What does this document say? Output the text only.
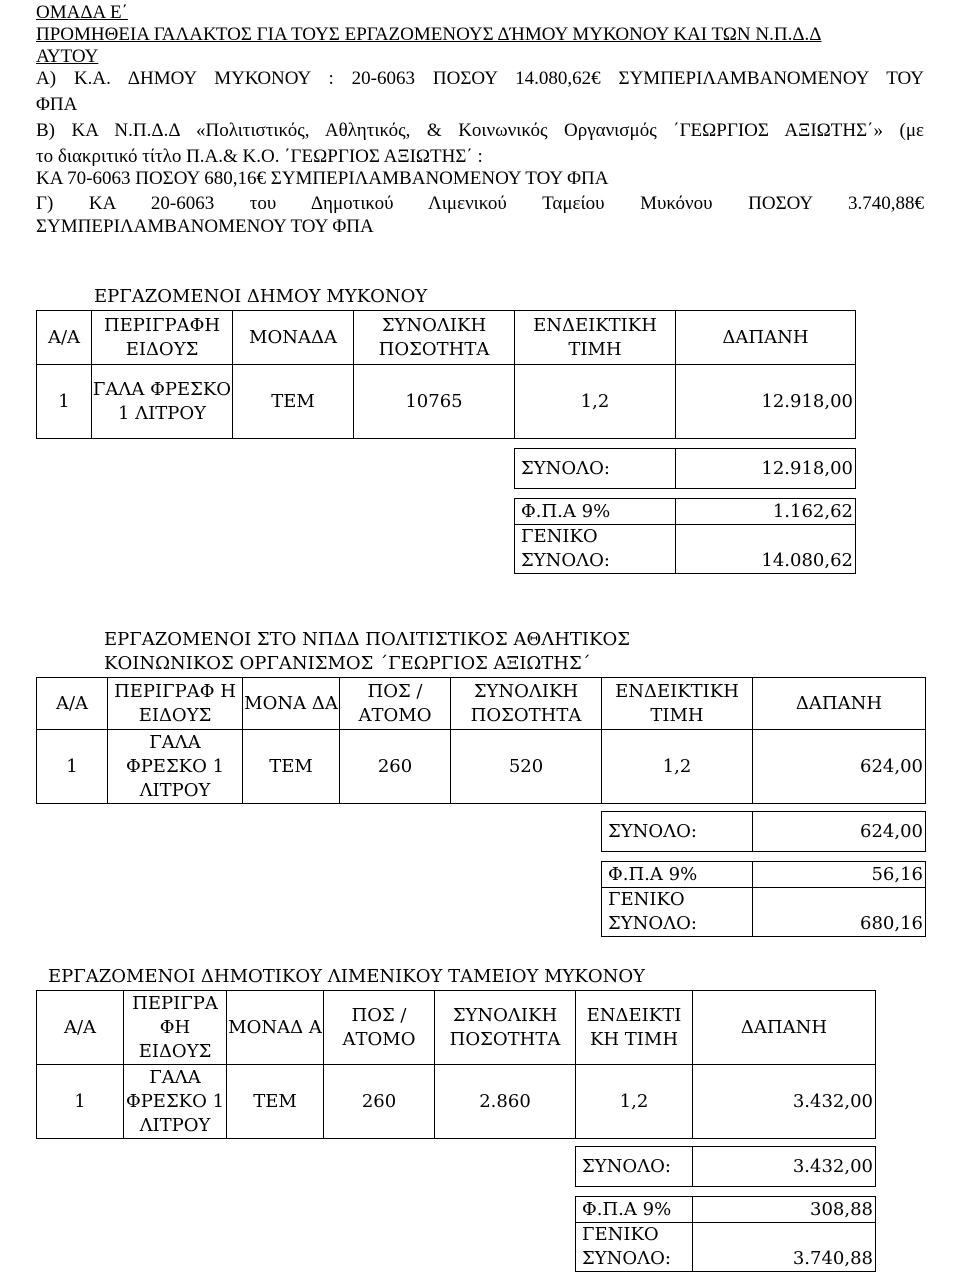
ΟΜΑΔΑ Ε΄
ΠΡΟΜΗΘΕΙΑ ΓΑΛΑΚΤΟΣ ΓΙΑ ΤΟΥΣ ΕΡΓΑΖΟΜΕΝΟΥΣ ΔΉΜΟΥ ΜΥΚΟΝΟΥ ΚΑΙ ΤΩΝ Ν.Π.Δ.Δ
ΑΥΤΟΥ
Α) Κ.Α. ΔΗΜΟΥ ΜΥΚΟΝΟΥ : 20-6063 ΠΟΣΟΥ 14.080,62€ ΣΥΜΠΕΡΙΛΑΜΒΑΝΟΜΕΝΟΥ ΤΟΥ
ΦΠΑ
Β) ΚΑ Ν.Π.Δ.Δ «Πολιτιστικός, Αθλητικός, & Κοινωνικός Οργανισμός ΄ΓΕΩΡΓΙΟΣ ΑΞΙΩΤΗΣ΄» (με
το διακριτικό τίτλο Π.Α.& Κ.Ο. ΄ΓΕΩΡΓΙΟΣ ΑΞΙΩΤΗΣ΄ :
ΚΑ 70-6063 ΠΟΣΟΥ 680,16€ ΣΥΜΠΕΡΙΛΑΜΒΑΝΟΜΕΝΟΥ ΤΟΥ ΦΠΑ
Γ) ΚΑ 20-6063 του Δημοτικού Λιμενικού Ταμείου Μυκόνου ΠΟΣΟΥ 3.740,88€
ΣΥΜΠΕΡΙΛΑΜΒΑΝΟΜΕΝΟΥ ΤΟΥ ΦΠΑ
ΕΡΓΑΖΟΜΕΝΟΙ ΔΗΜΟΥ ΜΥΚΟΝΟΥ
Α/Α	ΠΕΡΙΓΡΑΦΗ ΕΙΔΟΥΣ	ΜΟΝΑΔΑ	ΣΥΝΟΛΙΚΗ ΠΟΣΟΤΗΤΑ	ΕΝΔΕΙΚΤΙΚΗ ΤΙΜΗ	ΔΑΠΑΝΗ
1	ΓΑΛΑ ΦΡΕΣΚΟ 1 ΛΙΤΡΟΥ	ΤΕΜ	10765	1,2	12.918,00

				ΣΥΝΟΛΟ:	12.918,00

				Φ.Π.Α 9%	1.162,62
				ΓΕΝΙΚΟ ΣΥΝΟΛΟ:	14.080,62
ΕΡΓΑΖΟΜΕΝΟΙ ΣΤΟ ΝΠΔΔ ΠΟΛΙΤΙΣΤΙΚΟΣ ΑΘΛΗΤΙΚΟΣ
ΚΟΙΝΩΝΙΚΟΣ ΟΡΓΑΝΙΣΜΟΣ ΄ΓΕΩΡΓΙΟΣ ΑΞΙΩΤΗΣ΄
Α/Α	ΠΕΡΙΓΡΑΦ Η ΕΙΔΟΥΣ	ΜΟΝΑ ΔΑ	ΠΟΣ / ΑΤΟΜΟ	ΣΥΝΟΛΙΚΗ ΠΟΣΟΤΗΤΑ	ΕΝΔΕΙΚΤΙΚΗ ΤΙΜΗ	ΔΑΠΑΝΗ
1	ΓΑΛΑ ΦΡΕΣΚΟ 1 ΛΙΤΡΟΥ	ΤΕΜ	260	520	1,2	624,00

					ΣΥΝΟΛΟ:	624,00

					Φ.Π.Α 9%	56,16
					ΓΕΝΙΚΟ ΣΥΝΟΛΟ:	680,16
ΕΡΓΑΖΟΜΕΝΟΙ ΔΗΜΟΤΙΚΟΥ ΛΙΜΕΝΙΚΟΥ ΤΑΜΕΙΟΥ ΜΥΚΟΝΟΥ
Α/Α	ΠΕΡΙΓΡΑ ΦΗ ΕΙΔΟΥΣ	ΜΟΝΑΔ Α	ΠΟΣ / ΑΤΟΜΟ	ΣΥΝΟΛΙΚΗ ΠΟΣΟΤΗΤΑ	ΕΝΔΕΙΚΤΙ ΚΗ ΤΙΜΗ	ΔΑΠΑΝΗ
1	ΓΑΛΑ ΦΡΕΣΚΟ 1 ΛΙΤΡΟΥ	ΤΕΜ	260	2.860	1,2	3.432,00

					ΣΥΝΟΛΟ:	3.432,00

					Φ.Π.Α 9%	308,88
					ΓΕΝΙΚΟ ΣΥΝΟΛΟ:	3.740,88
